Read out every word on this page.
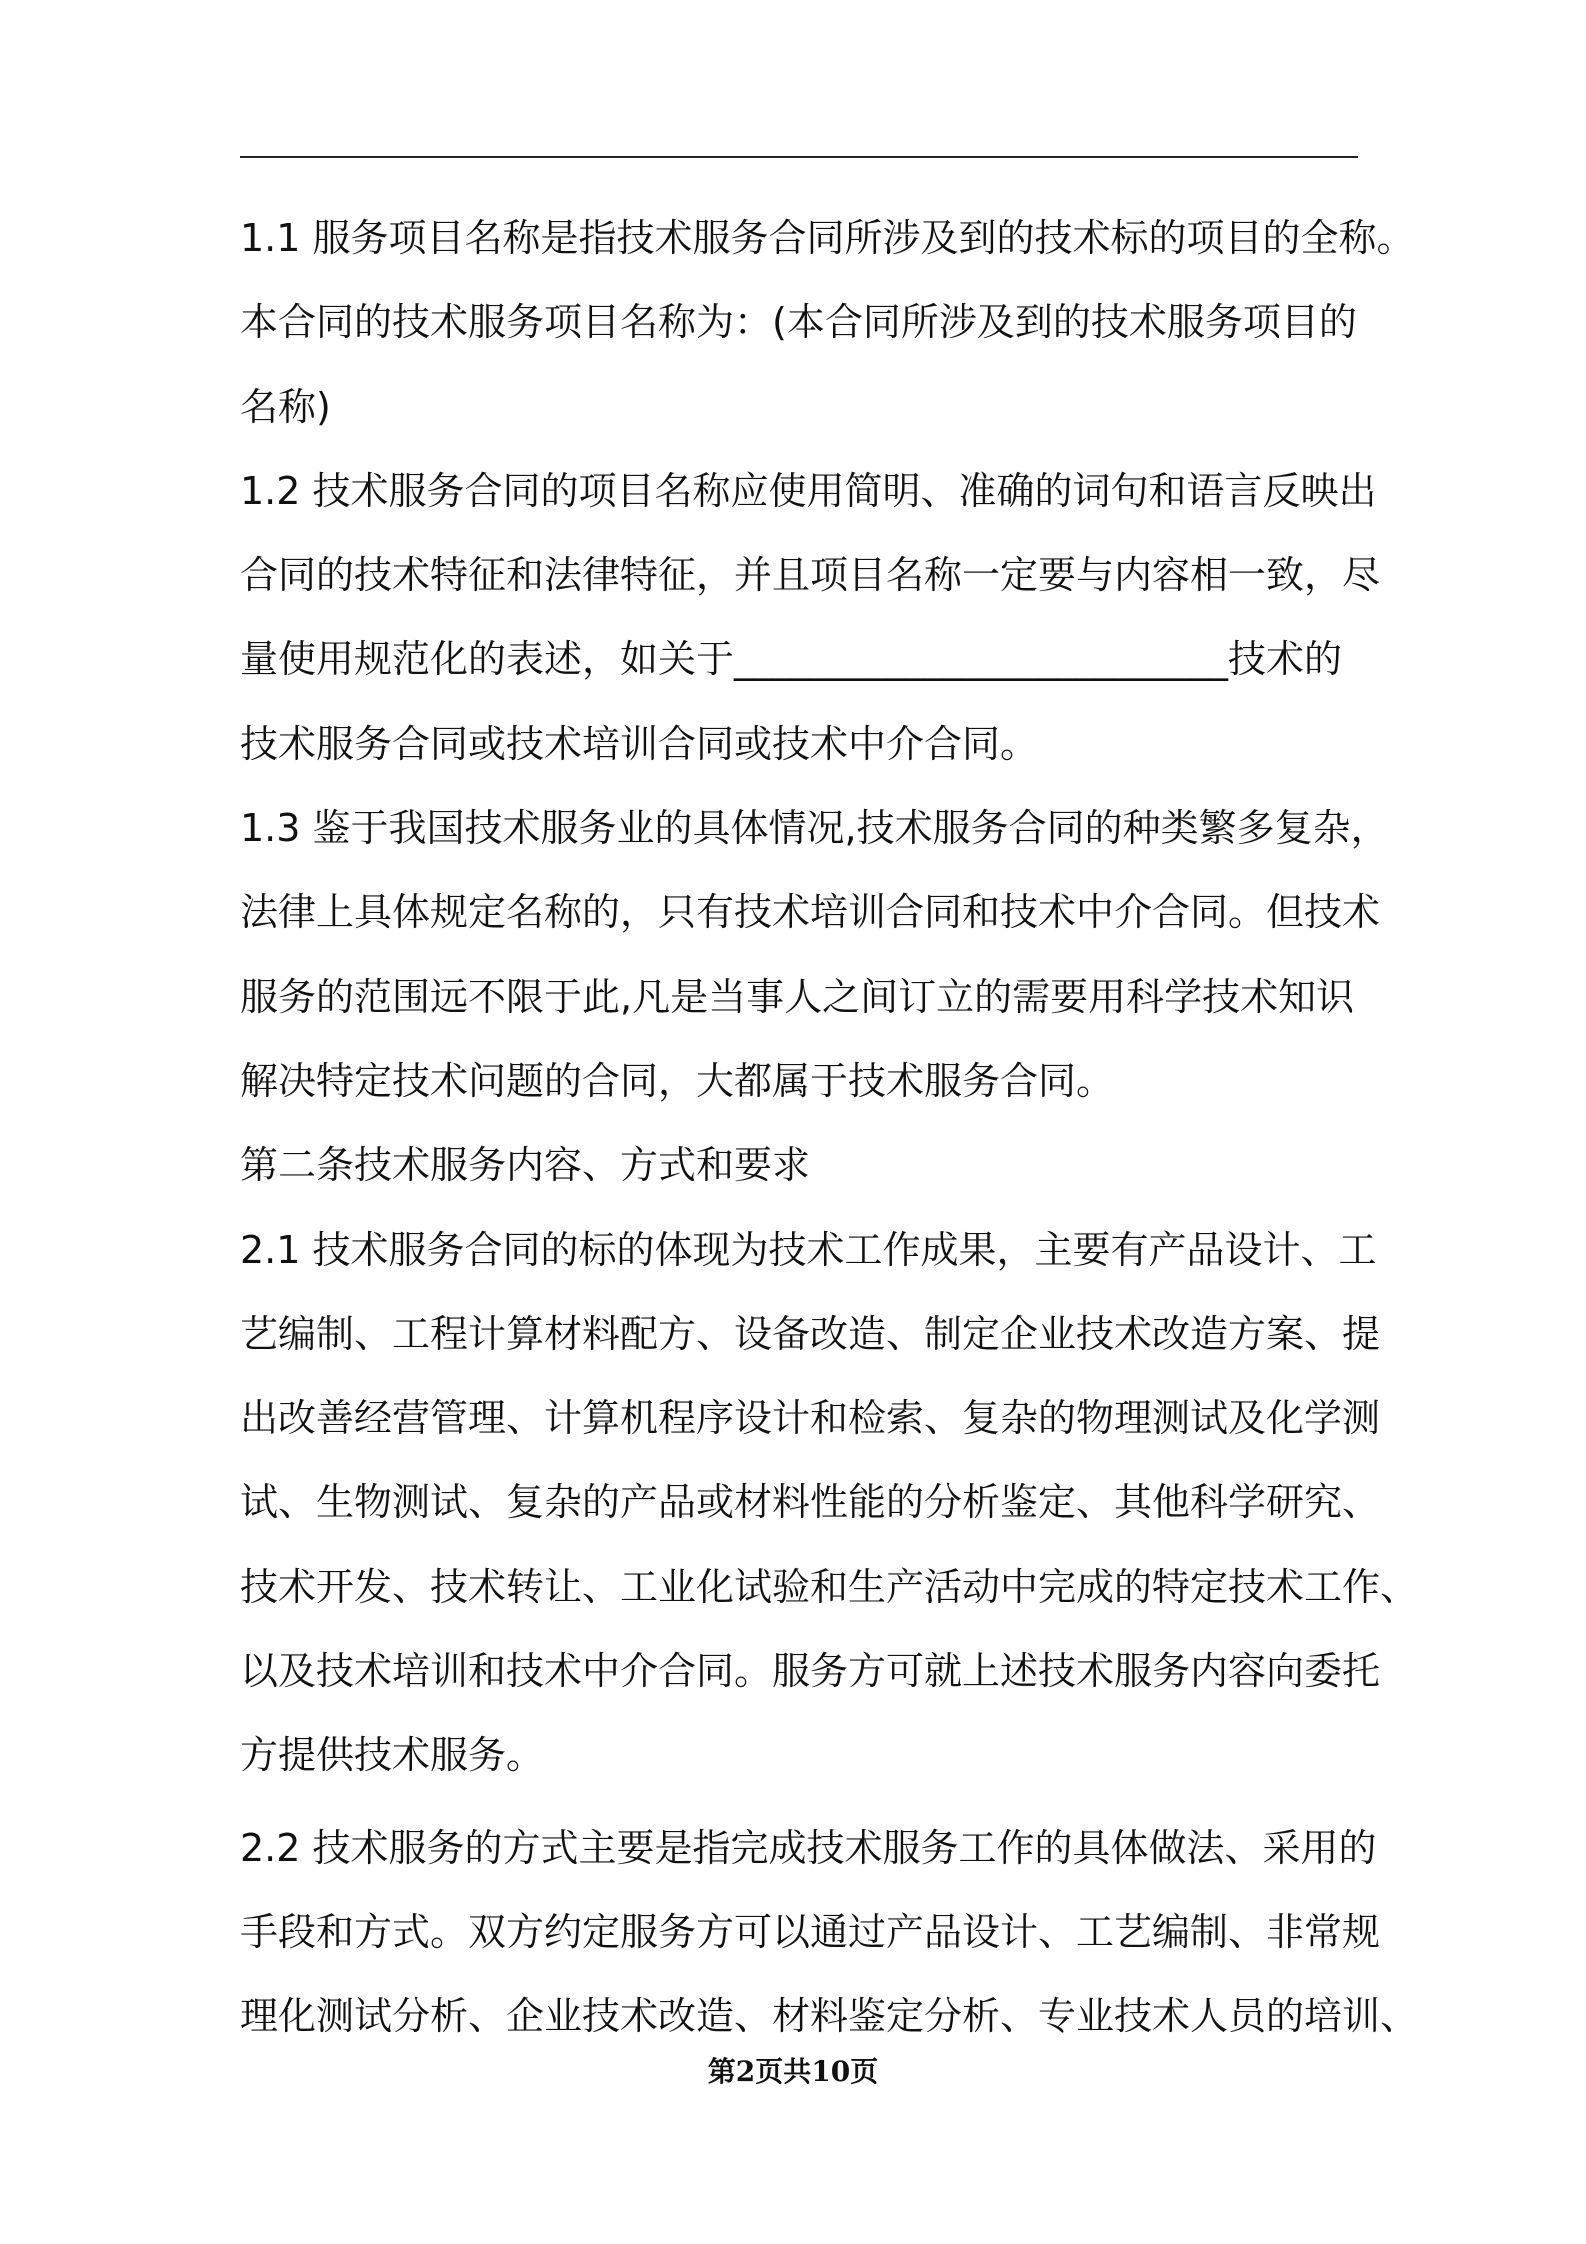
1.1 服务项目名称是指技术服务合同所涉及到的技术标的项目的全称。
本合同的技术服务项目名称为：(本合同所涉及到的技术服务项目的
名称)
1.2 技术服务合同的项目名称应使用简明、准确的词句和语言反映出
合同的技术特征和法律特征，并且项目名称一定要与内容相一致，尽
量使用规范化的表述，如关于__________________________技术的
技术服务合同或技术培训合同或技术中介合同。
1.3 鉴于我国技术服务业的具体情况,技术服务合同的种类繁多复杂，
法律上具体规定名称的，只有技术培训合同和技术中介合同。但技术
服务的范围远不限于此,凡是当事人之间订立的需要用科学技术知识
解决特定技术问题的合同，大都属于技术服务合同。
第二条技术服务内容、方式和要求
2.1 技术服务合同的标的体现为技术工作成果，主要有产品设计、工
艺编制、工程计算材料配方、设备改造、制定企业技术改造方案、提
出改善经营管理、计算机程序设计和检索、复杂的物理测试及化学测
试、生物测试、复杂的产品或材料性能的分析鉴定、其他科学研究、
技术开发、技术转让、工业化试验和生产活动中完成的特定技术工作、
以及技术培训和技术中介合同。服务方可就上述技术服务内容向委托
方提供技术服务。
2.2 技术服务的方式主要是指完成技术服务工作的具体做法、采用的
手段和方式。双方约定服务方可以通过产品设计、工艺编制、非常规
理化测试分析、企业技术改造、材料鉴定分析、专业技术人员的培训、
第2页共10页
